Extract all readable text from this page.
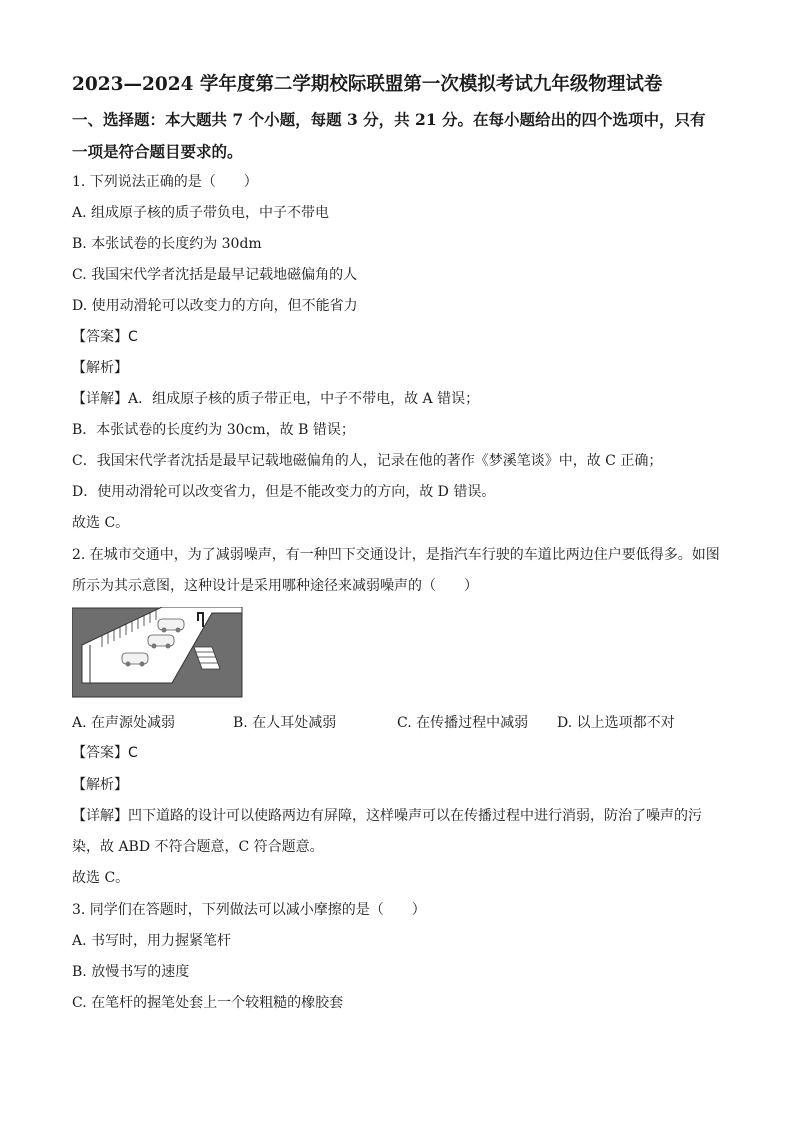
2023—2024 学年度第二学期校际联盟第一次模拟考试九年级物理试卷
一、选择题：本大题共 7 个小题，每题 3 分，共 21 分。在每小题给出的四个选项中，只有
一项是符合题目要求的。
1. 下列说法正确的是（　　）
A. 组成原子核的质子带负电，中子不带电
B. 本张试卷的长度约为 30dm
C. 我国宋代学者沈括是最早记载地磁偏角的人
D. 使用动滑轮可以改变力的方向，但不能省力
【答案】C
【解析】
【详解】A．组成原子核的质子带正电，中子不带电，故 A 错误；
B．本张试卷的长度约为 30cm，故 B 错误；
C．我国宋代学者沈括是最早记载地磁偏角的人，记录在他的著作《梦溪笔谈》中，故 C 正确；
D．使用动滑轮可以改变省力，但是不能改变力的方向，故 D 错误。
故选 C。
2. 在城市交通中，为了减弱噪声，有一种凹下交通设计，是指汽车行驶的车道比两边住户要低得多。如图
所示为其示意图，这种设计是采用哪种途径来减弱噪声的（　　）
A. 在声源处减弱	B. 在人耳处减弱	C. 在传播过程中减弱 D. 以上选项都不对
【答案】C
【解析】
【详解】凹下道路的设计可以使路两边有屏障，这样噪声可以在传播过程中进行消弱，防治了噪声的污
染，故 ABD 不符合题意，C 符合题意。
故选 C。
3. 同学们在答题时，下列做法可以减小摩擦的是（　　）
A. 书写时，用力握紧笔杆
B. 放慢书写的速度
C. 在笔杆的握笔处套上一个较粗糙的橡胶套
